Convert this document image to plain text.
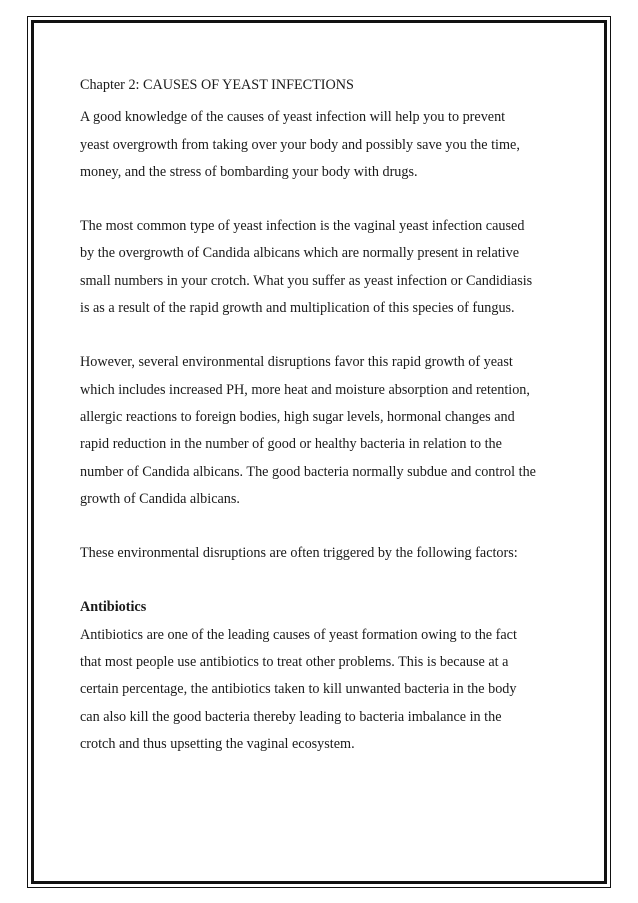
Chapter 2: CAUSES OF YEAST INFECTIONS

A good knowledge of the causes of yeast infection will help you to prevent
yeast overgrowth from taking over your body and possibly save you the time,
money, and the stress of bombarding your body with drugs.

The most common type of yeast infection is the vaginal yeast infection caused
by the overgrowth of Candida albicans which are normally present in relative
small numbers in your crotch. What you suffer as yeast infection or Candidiasis
is as a result of the rapid growth and multiplication of this species of fungus.

However, several environmental disruptions favor this rapid growth of yeast
which includes increased PH, more heat and moisture absorption and retention,
allergic reactions to foreign bodies, high sugar levels, hormonal changes and
rapid reduction in the number of good or healthy bacteria in relation to the
number of Candida albicans. The good bacteria normally subdue and control the
growth of Candida albicans.

These environmental disruptions are often triggered by the following factors:

Antibiotics

Antibiotics are one of the leading causes of yeast formation owing to the fact
that most people use antibiotics to treat other problems. This is because at a
certain percentage, the antibiotics taken to kill unwanted bacteria in the body
can also kill the good bacteria thereby leading to bacteria imbalance in the
crotch and thus upsetting the vaginal ecosystem.
